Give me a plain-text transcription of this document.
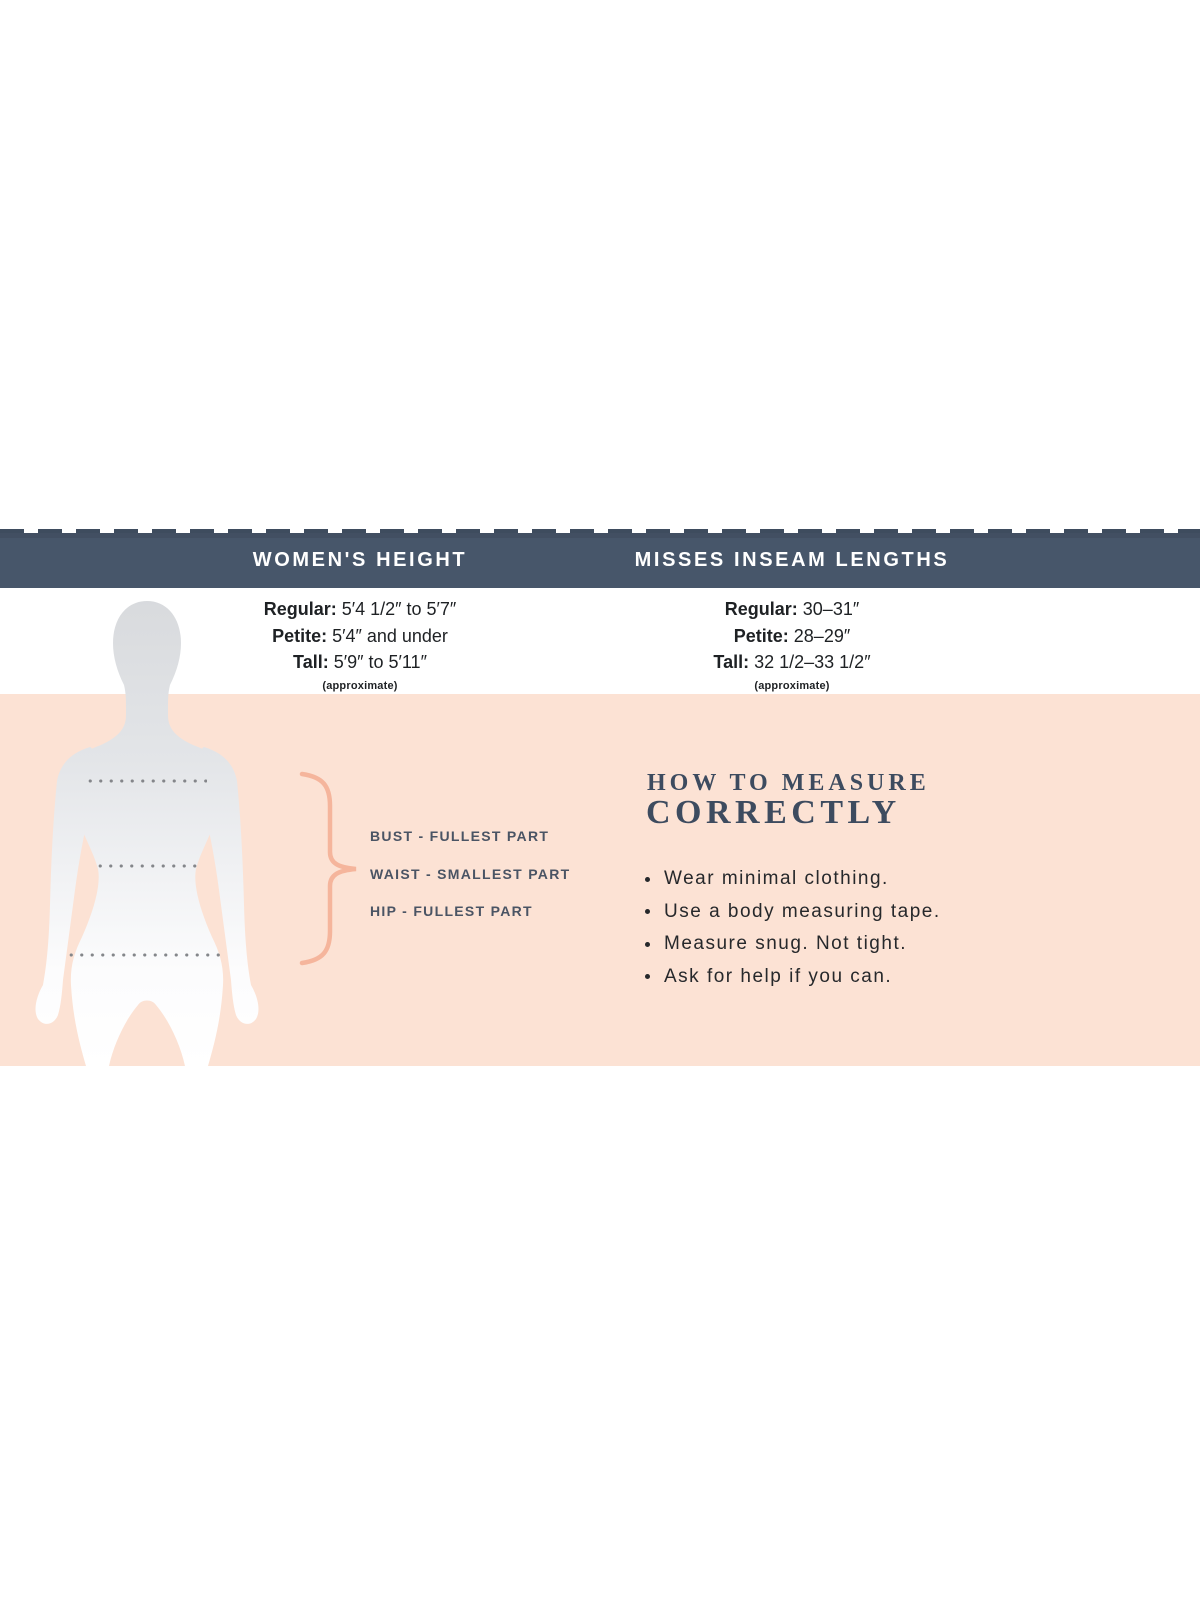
WOMEN'S HEIGHT	MISSES INSEAM LENGTHS
Regular: 5′4 1/2″ to 5′7″
Petite: 5′4″ and under
Tall: 5′9″ to 5′11″
(approximate)
Regular: 30–31″
Petite: 28–29″
Tall: 32 1/2–33 1/2″
(approximate)
BUST - FULLEST PART
WAIST - SMALLEST PART
HIP - FULLEST PART
HOW TO MEASURE
CORRECTLY
Wear minimal clothing.
Use a body measuring tape.
Measure snug. Not tight.
Ask for help if you can.
